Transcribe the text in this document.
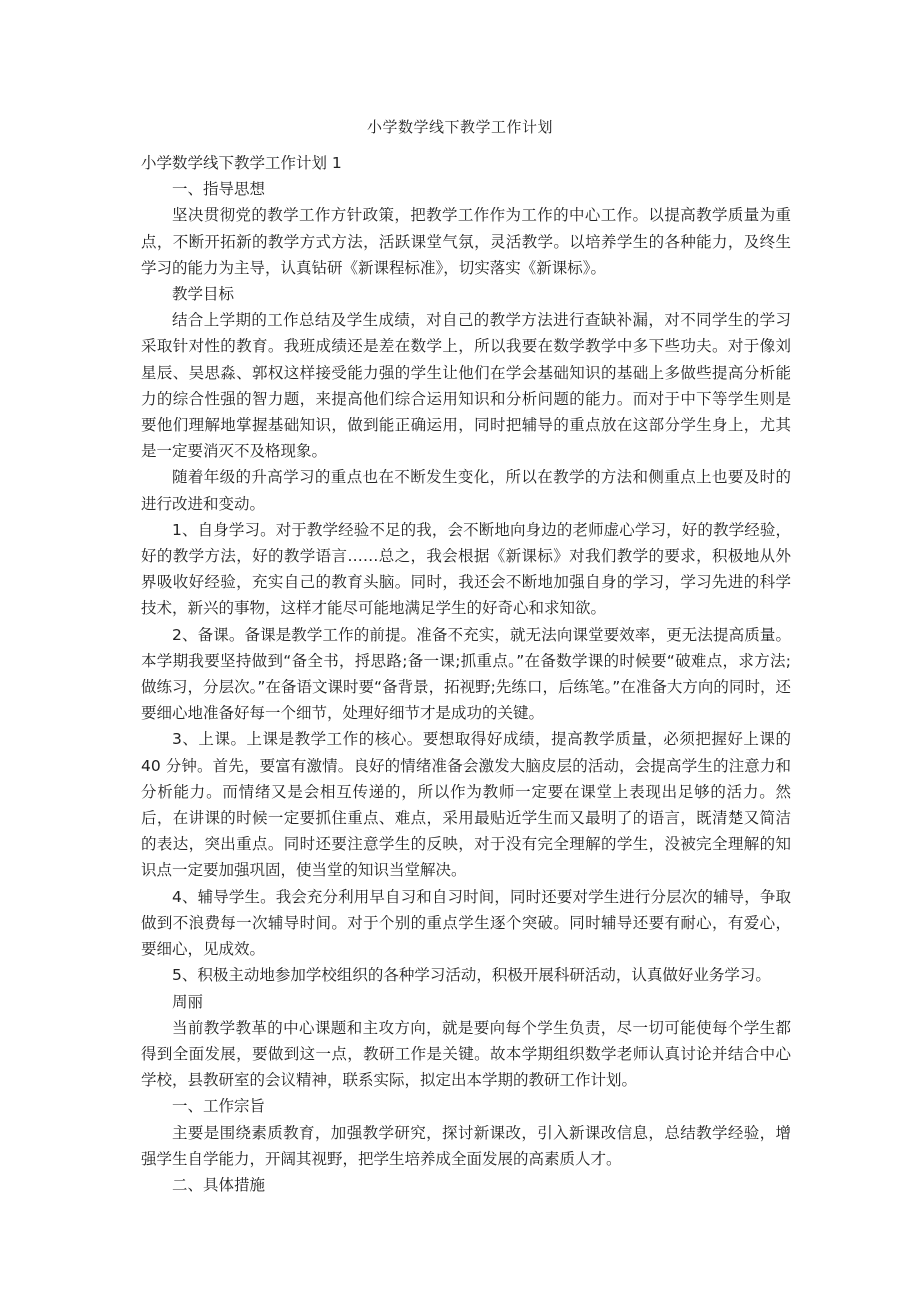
小学数学线下教学工作计划

小学数学线下教学工作计划 1

一、指导思想

坚决贯彻党的教学工作方针政策，把教学工作作为工作的中心工作。以提高教学质量为重点，不断开拓新的教学方式方法，活跃课堂气氛，灵活教学。以培养学生的各种能力，及终生学习的能力为主导，认真钻研《新课程标准》，切实落实《新课标》。

教学目标

结合上学期的工作总结及学生成绩，对自己的教学方法进行查缺补漏，对不同学生的学习采取针对性的教育。我班成绩还是差在数学上，所以我要在数学教学中多下些功夫。对于像刘星辰、吴思淼、郭权这样接受能力强的学生让他们在学会基础知识的基础上多做些提高分析能力的综合性强的智力题，来提高他们综合运用知识和分析问题的能力。而对于中下等学生则是要他们理解地掌握基础知识，做到能正确运用，同时把辅导的重点放在这部分学生身上，尤其是一定要消灭不及格现象。

随着年级的升高学习的重点也在不断发生变化，所以在教学的方法和侧重点上也要及时的进行改进和变动。

1、自身学习。对于教学经验不足的我，会不断地向身边的老师虚心学习，好的教学经验，好的教学方法，好的教学语言……总之，我会根据《新课标》对我们教学的要求，积极地从外界吸收好经验，充实自己的教育头脑。同时，我还会不断地加强自身的学习，学习先进的科学技术，新兴的事物，这样才能尽可能地满足学生的好奇心和求知欲。

2、备课。备课是教学工作的前提。准备不充实，就无法向课堂要效率，更无法提高质量。本学期我要坚持做到“备全书，捋思路;备一课;抓重点。”在备数学课的时候要“破难点，求方法;做练习，分层次。”在备语文课时要“备背景，拓视野;先练口，后练笔。”在准备大方向的同时，还要细心地准备好每一个细节，处理好细节才是成功的关键。

3、上课。上课是教学工作的核心。要想取得好成绩，提高教学质量，必须把握好上课的 40 分钟。首先，要富有激情。良好的情绪准备会激发大脑皮层的活动，会提高学生的注意力和分析能力。而情绪又是会相互传递的，所以作为教师一定要在课堂上表现出足够的活力。然后，在讲课的时候一定要抓住重点、难点，采用最贴近学生而又最明了的语言，既清楚又简洁的表达，突出重点。同时还要注意学生的反映，对于没有完全理解的学生，没被完全理解的知识点一定要加强巩固，使当堂的知识当堂解决。

4、辅导学生。我会充分利用早自习和自习时间，同时还要对学生进行分层次的辅导，争取做到不浪费每一次辅导时间。对于个别的重点学生逐个突破。同时辅导还要有耐心，有爱心，要细心，见成效。

5、积极主动地参加学校组织的各种学习活动，积极开展科研活动，认真做好业务学习。

周丽

当前教学教革的中心课题和主攻方向，就是要向每个学生负责，尽一切可能使每个学生都得到全面发展，要做到这一点，教研工作是关键。故本学期组织数学老师认真讨论并结合中心学校，县教研室的会议精神，联系实际，拟定出本学期的教研工作计划。

一、工作宗旨

主要是围绕素质教育，加强教学研究，探讨新课改，引入新课改信息，总结教学经验，增强学生自学能力，开阔其视野，把学生培养成全面发展的高素质人才。

二、具体措施
